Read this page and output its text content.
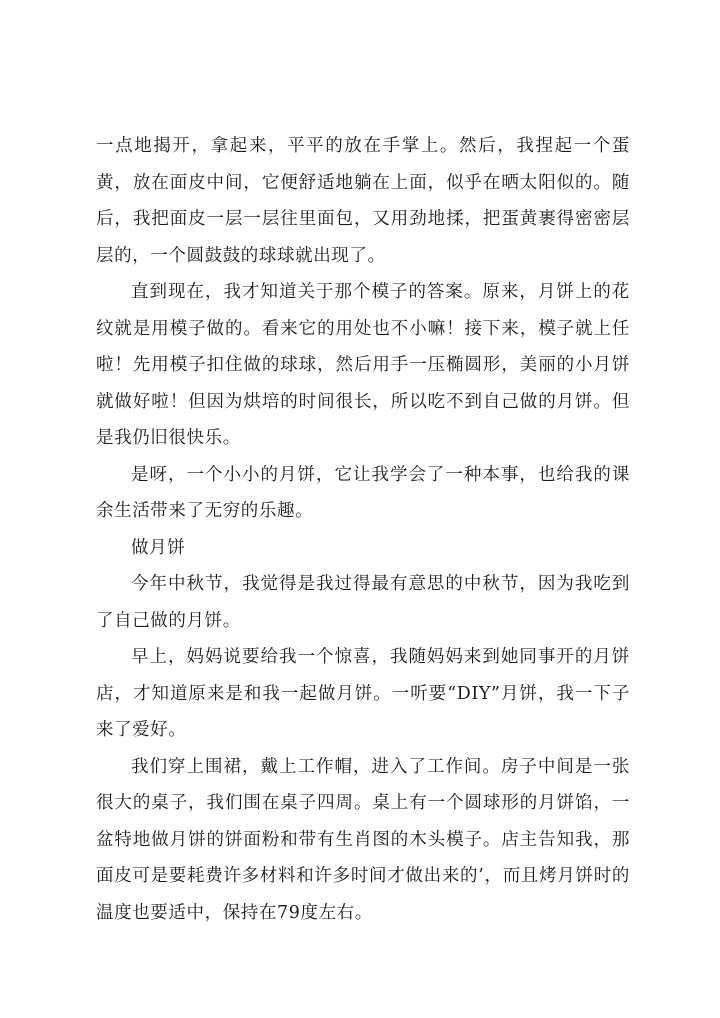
一点地揭开，拿起来，平平的放在手掌上。然后，我捏起一个蛋黄，放在面皮中间，它便舒适地躺在上面，似乎在晒太阳似的。随后，我把面皮一层一层往里面包，又用劲地揉，把蛋黄裹得密密层层的，一个圆鼓鼓的球球就出现了。

直到现在，我才知道关于那个模子的答案。原来，月饼上的花纹就是用模子做的。看来它的用处也不小嘛！接下来，模子就上任啦！先用模子扣住做的球球，然后用手一压椭圆形，美丽的小月饼就做好啦！但因为烘培的时间很长，所以吃不到自己做的月饼。但是我仍旧很快乐。

是呀，一个小小的月饼，它让我学会了一种本事，也给我的课余生活带来了无穷的乐趣。

做月饼

今年中秋节，我觉得是我过得最有意思的中秋节，因为我吃到了自己做的月饼。

早上，妈妈说要给我一个惊喜，我随妈妈来到她同事开的月饼店，才知道原来是和我一起做月饼。一听要“DIY”月饼，我一下子来了爱好。

我们穿上围裙，戴上工作帽，进入了工作间。房子中间是一张很大的桌子，我们围在桌子四周。桌上有一个圆球形的月饼馅，一盆特地做月饼的饼面粉和带有生肖图的木头模子。店主告知我，那面皮可是要耗费许多材料和许多时间才做出来的’，而且烤月饼时的温度也要适中，保持在79度左右。
